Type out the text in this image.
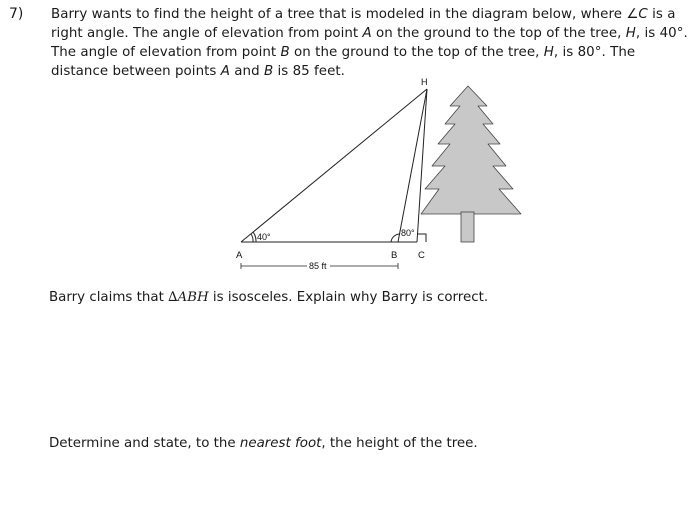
7) Barry wants to find the height of a tree that is modeled in the diagram below, where ∠C is a
right angle. The angle of elevation from point A on the ground to the top of the tree, H, is 40°.
The angle of elevation from point B on the ground to the top of the tree, H, is 80°. The
distance between points A and B is 85 feet.
H
40°	80°
A	B C
85 ft
Barry claims that ∆ABH is isosceles. Explain why Barry is correct.
Determine and state, to the nearest foot, the height of the tree.
